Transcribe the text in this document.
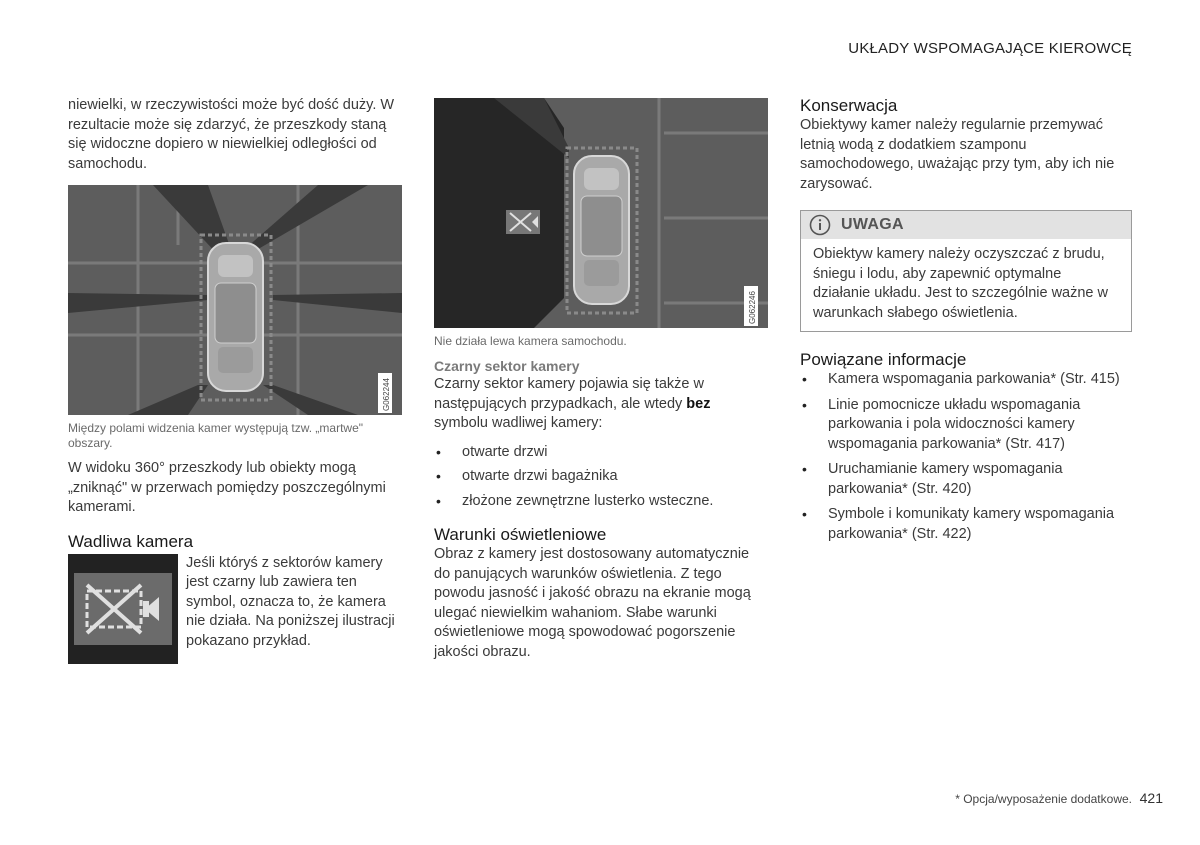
UKŁADY WSPOMAGAJĄCE KIEROWCĘ

niewielki, w rzeczywistości może być dość duży. W rezultacie może się zdarzyć, że przeszkody staną się widoczne dopiero w niewielkiej odległości od samochodu.

G062244

Między polami widzenia kamer występują tzw. „martwe" obszary.

W widoku 360° przeszkody lub obiekty mogą „zniknąć" w przerwach pomiędzy poszczególnymi kamerami.

Wadliwa kamera

Jeśli któryś z sektorów kamery jest czarny lub zawiera ten symbol, oznacza to, że kamera nie działa. Na poniższej ilustracji pokazano przykład.

G062246

Nie działa lewa kamera samochodu.

Czarny sektor kamery

Czarny sektor kamery pojawia się także w następujących przypadkach, ale wtedy bez symbolu wadliwej kamery:

• otwarte drzwi
• otwarte drzwi bagażnika
• złożone zewnętrzne lusterko wsteczne.
Warunki oświetleniowe

Obraz z kamery jest dostosowany automatycznie do panujących warunków oświetlenia. Z tego powodu jasność i jakość obrazu na ekranie mogą ulegać niewielkim wahaniom. Słabe warunki oświetleniowe mogą spowodować pogorszenie jakości obrazu.

Konserwacja

Obiektywy kamer należy regularnie przemywać letnią wodą z dodatkiem szamponu samochodowego, uważając przy tym, aby ich nie zarysować.

UWAGA

Obiektyw kamery należy oczyszczać z brudu, śniegu i lodu, aby zapewnić optymalne działanie układu. Jest to szczególnie ważne w warunkach słabego oświetlenia.

Powiązane informacje
• Kamera wspomagania parkowania* (Str. 415)
• Linie pomocnicze układu wspomagania parkowania i pola widoczności kamery wspomagania parkowania* (Str. 417)
• Uruchamianie kamery wspomagania parkowania* (Str. 420)
• Symbole i komunikaty kamery wspomagania parkowania* (Str. 422)
* Opcja/wyposażenie dodatkowe. 421
